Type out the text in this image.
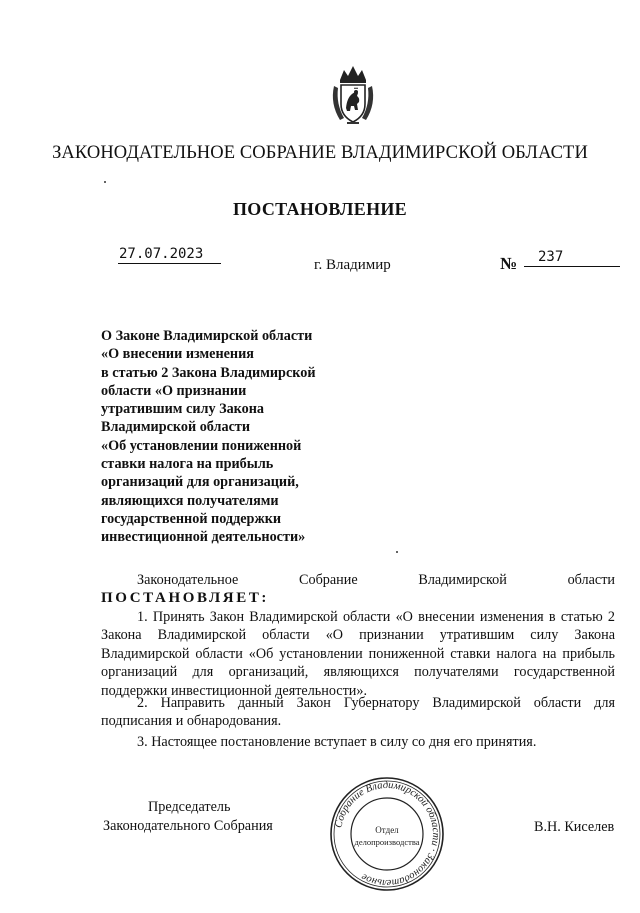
ЗАКОНОДАТЕЛЬНОЕ СОБРАНИЕ ВЛАДИМИРСКОЙ ОБЛАСТИ
ПОСТАНОВЛЕНИЕ
27.07.2023
г. Владимир	№	237
О Законе Владимирской области
«О внесении изменения
в статью 2 Закона Владимирской
области «О признании
утратившим силу Закона
Владимирской области
«Об установлении пониженной
ставки налога на прибыль
организаций для организаций,
являющихся получателями
государственной поддержки
инвестиционной деятельности»
Законодательное	Собрание	Владимирской	области
ПОСТАНОВЛЯЕТ:
1. Принять Закон Владимирской области «О внесении изменения в статью 2 Закона Владимирской области «О признании утратившим силу Закона Владимирской области «Об установлении пониженной ставки налога на прибыль организаций для организаций, являющихся получателями государственной поддержки инвестиционной деятельности».
2. Направить данный Закон Губернатору Владимирской области для подписания и обнародования.
3. Настоящее постановление вступает в силу со дня его принятия.
Председатель
Законодательного Собрания	В.Н. Киселев
Собрание Владимирской области · Законодательное
Отдел
делопроизводства
